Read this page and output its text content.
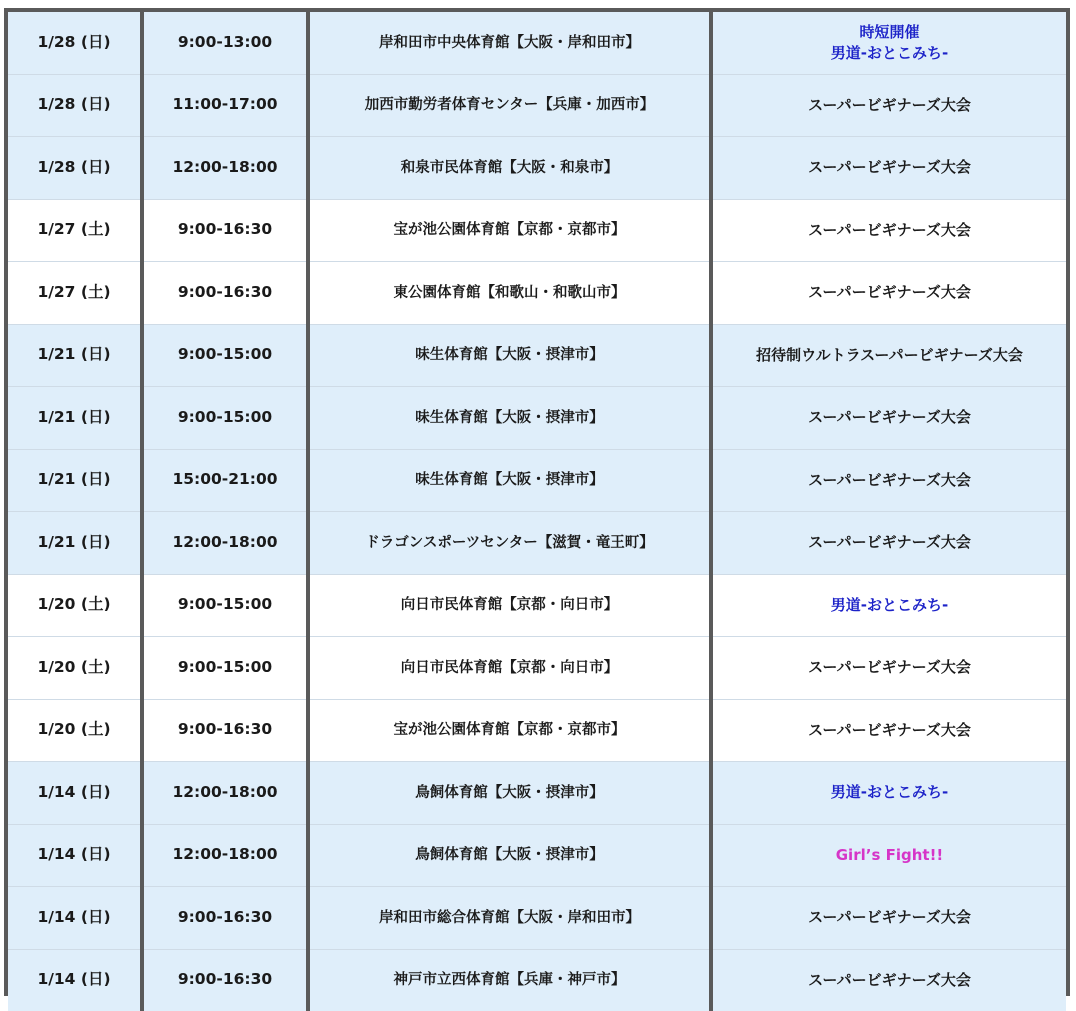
1/28 (日)	9:00-13:00	岸和田市中央体育館【大阪・岸和田市】	時短開催
男道-おとこみち-

1/28 (日)	11:00-17:00	加西市勤労者体育センター【兵庫・加西市】	スーパービギナーズ大会

1/28 (日)	12:00-18:00	和泉市民体育館【大阪・和泉市】	スーパービギナーズ大会

1/27 (土)	9:00-16:30	宝が池公園体育館【京都・京都市】	スーパービギナーズ大会

1/27 (土)	9:00-16:30	東公園体育館【和歌山・和歌山市】	スーパービギナーズ大会

1/21 (日)	9:00-15:00	味生体育館【大阪・摂津市】	招待制ウルトラスーパービギナーズ大会

1/21 (日)	9:00-15:00	味生体育館【大阪・摂津市】	スーパービギナーズ大会

1/21 (日)	15:00-21:00	味生体育館【大阪・摂津市】	スーパービギナーズ大会

1/21 (日)	12:00-18:00	ドラゴンスポーツセンター【滋賀・竜王町】	スーパービギナーズ大会

1/20 (土)	9:00-15:00	向日市民体育館【京都・向日市】	男道-おとこみち-

1/20 (土)	9:00-15:00	向日市民体育館【京都・向日市】	スーパービギナーズ大会

1/20 (土)	9:00-16:30	宝が池公園体育館【京都・京都市】	スーパービギナーズ大会

1/14 (日)	12:00-18:00	鳥飼体育館【大阪・摂津市】	男道-おとこみち-

1/14 (日)	12:00-18:00	鳥飼体育館【大阪・摂津市】	Girl’s Fight!!

1/14 (日)	9:00-16:30	岸和田市総合体育館【大阪・岸和田市】	スーパービギナーズ大会

1/14 (日)	9:00-16:30	神戸市立西体育館【兵庫・神戸市】	スーパービギナーズ大会
